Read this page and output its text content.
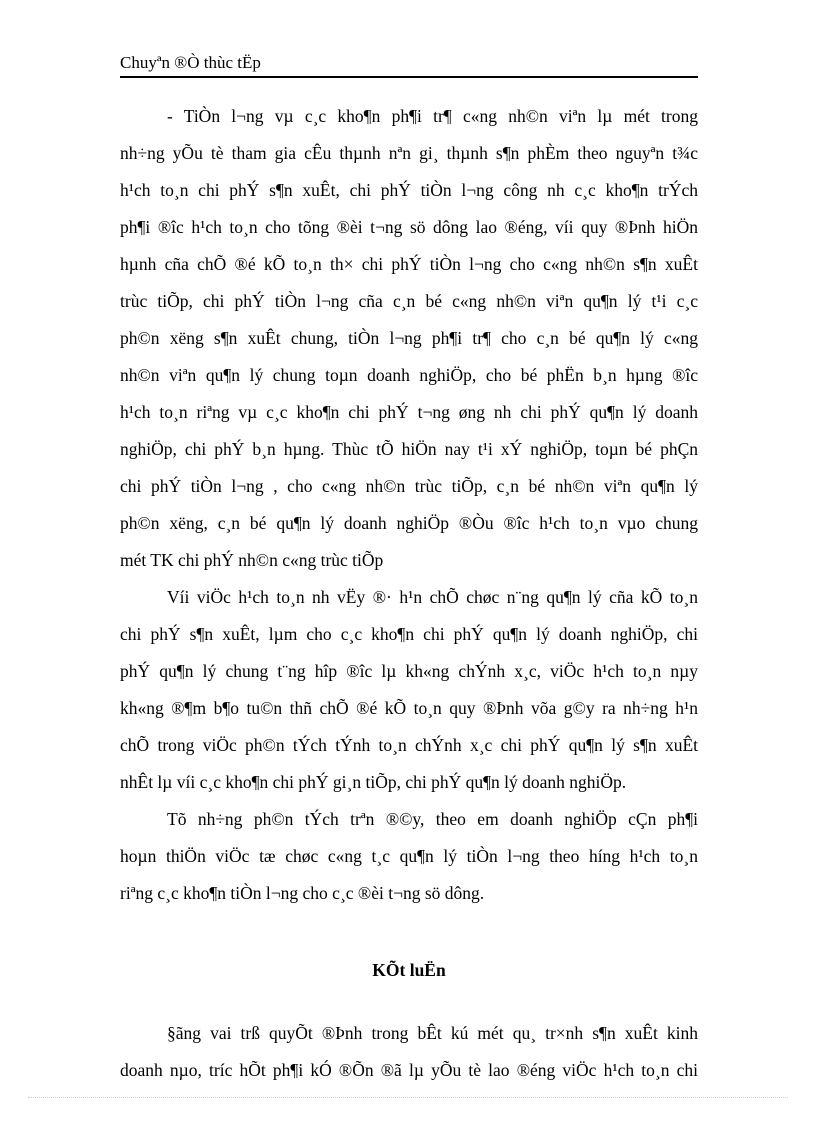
Chuyªn ®Ò thùc tËp
- TiÒn l¬ng vµ c¸c kho¶n ph¶i tr¶ c«ng nh©n viªn lµ mét trong
nh÷ng yÕu tè tham gia cÊu thµnh nªn gi¸ thµnh s¶n phÈm theo nguyªn t¾c
h¹ch to¸n chi phÝ s¶n xuÊt, chi phÝ tiÒn l¬ng công nh c¸c kho¶n trÝch
ph¶i ®îc h¹ch to¸n cho tõng ®èi t¬ng sö dông lao ®éng, víi quy ®Þnh hiÖn
hµnh cña chÕ ®é kÕ to¸n th× chi phÝ tiÒn l¬ng cho c«ng nh©n s¶n xuÊt
trùc tiÕp, chi phÝ tiÒn l¬ng cña c¸n bé c«ng nh©n viªn qu¶n lý t¹i c¸c
ph©n xëng s¶n xuÊt chung, tiÒn l¬ng ph¶i tr¶ cho c¸n bé qu¶n lý c«ng
nh©n viªn qu¶n lý chung toµn doanh nghiÖp, cho bé phËn b¸n hµng ®îc
h¹ch to¸n riªng vµ c¸c kho¶n chi phÝ t¬ng øng nh chi phÝ qu¶n lý doanh
nghiÖp, chi phÝ b¸n hµng. Thùc tÕ hiÖn nay t¹i xÝ nghiÖp, toµn bé phÇn
chi phÝ tiÒn l¬ng , cho c«ng nh©n trùc tiÕp, c¸n bé nh©n viªn qu¶n lý
ph©n xëng, c¸n bé qu¶n lý doanh nghiÖp ®Òu ®îc h¹ch to¸n vµo chung
mét TK chi phÝ nh©n c«ng trùc tiÕp
Víi viÖc h¹ch to¸n nh vËy ®· h¹n chÕ chøc n¨ng qu¶n lý cña kÕ to¸n
chi phÝ s¶n xuÊt, lµm cho c¸c kho¶n chi phÝ qu¶n lý doanh nghiÖp, chi
phÝ qu¶n lý chung t¨ng hîp ®îc lµ kh«ng chÝnh x¸c, viÖc h¹ch to¸n nµy
kh«ng ®¶m b¶o tu©n thñ chÕ ®é kÕ to¸n quy ®Þnh võa g©y ra nh÷ng h¹n
chÕ trong viÖc ph©n tÝch tÝnh to¸n chÝnh x¸c chi phÝ qu¶n lý s¶n xuÊt
nhÊt lµ víi c¸c kho¶n chi phÝ gi¸n tiÕp, chi phÝ qu¶n lý doanh nghiÖp.
Tõ nh÷ng ph©n tÝch trªn ®©y, theo em doanh nghiÖp cÇn ph¶i
hoµn thiÖn viÖc tæ chøc c«ng t¸c qu¶n lý tiÒn l¬ng theo híng h¹ch to¸n
riªng c¸c kho¶n tiÒn l¬ng cho c¸c ®èi t¬ng sö dông.
KÕt luËn
§ãng vai trß quyÕt ®Þnh trong bÊt kú mét qu¸ tr×nh s¶n xuÊt kinh
doanh nµo, tríc hÕt ph¶i kÓ ®Õn ®ã lµ yÕu tè lao ®éng viÖc h¹ch to¸n chi
